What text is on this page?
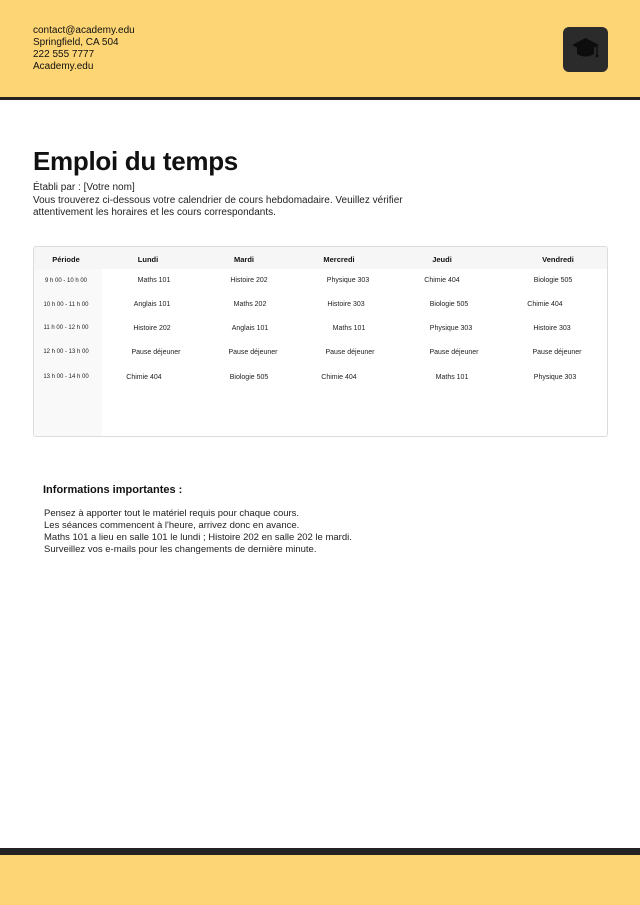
contact@academy.edu
Springfield, CA 504
222 555 7777
Academy.edu
Emploi du temps
Établi par : [Votre nom]

Vous trouverez ci-dessous votre calendrier de cours hebdomadaire. Veuillez vérifier attentivement les horaires et les cours correspondants.

Période	Lundi	Mardi	Mercredi	Jeudi	Vendredi
9 h 00 - 10 h 00	Maths 101	Histoire 202	Physique 303	Chimie 404	Biologie 505
10 h 00 - 11 h 00	Anglais 101	Maths 202	Histoire 303	Biologie 505	Chimie 404
11 h 00 - 12 h 00	Histoire 202	Anglais 101	Maths 101	Physique 303	Histoire 303
12 h 00 - 13 h 00	Pause déjeuner	Pause déjeuner	Pause déjeuner	Pause déjeuner	Pause déjeuner
13 h 00 - 14 h 00	Chimie 404	Biologie 505	Chimie 404	Maths 101	Physique 303
Informations importantes :
Pensez à apporter tout le matériel requis pour chaque cours.
Les séances commencent à l'heure, arrivez donc en avance.
Maths 101 a lieu en salle 101 le lundi ; Histoire 202 en salle 202 le mardi.
Surveillez vos e-mails pour les changements de dernière minute.
